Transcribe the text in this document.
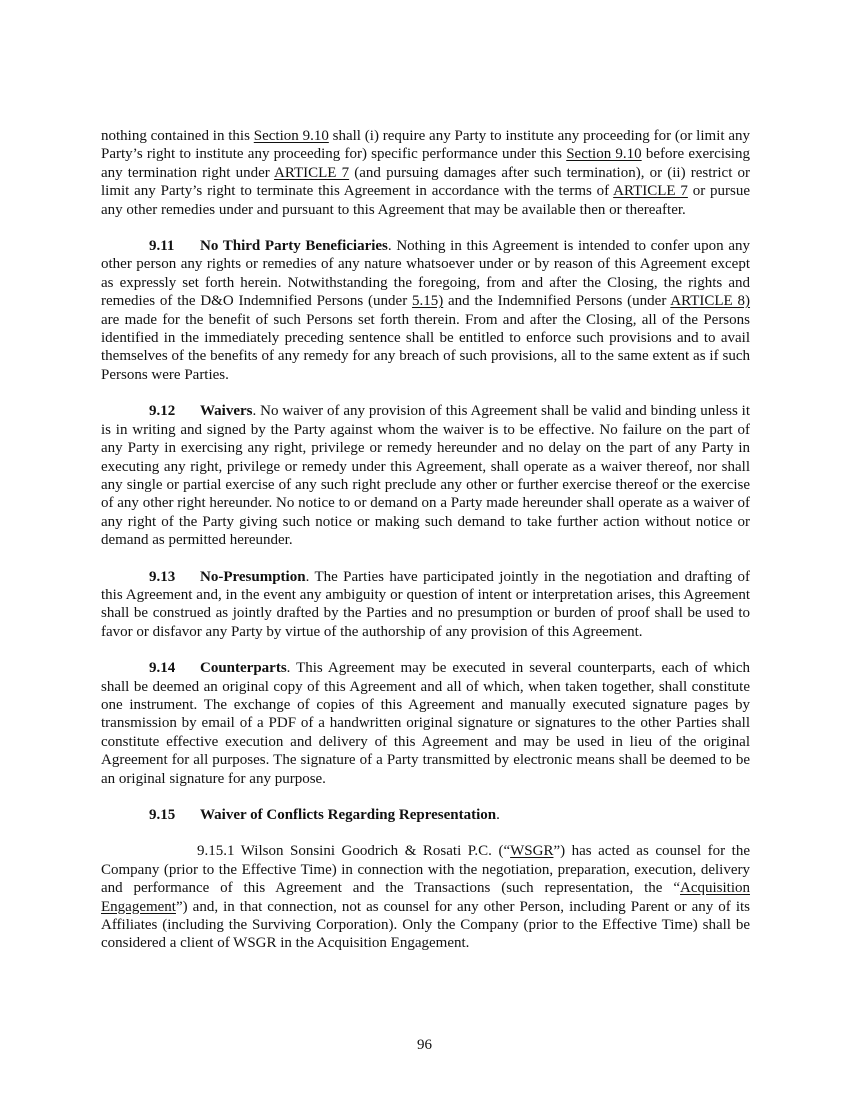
nothing contained in this Section 9.10 shall (i) require any Party to institute any proceeding for (or limit any Party’s right to institute any proceeding for) specific performance under this Section 9.10 before exercising any termination right under ARTICLE 7 (and pursuing damages after such termination), or (ii) restrict or limit any Party’s right to terminate this Agreement in accordance with the terms of ARTICLE 7 or pursue any other remedies under and pursuant to this Agreement that may be available then or thereafter.

9.11 No Third Party Beneficiaries. Nothing in this Agreement is intended to confer upon any other person any rights or remedies of any nature whatsoever under or by reason of this Agreement except as expressly set forth herein. Notwithstanding the foregoing, from and after the Closing, the rights and remedies of the D&O Indemnified Persons (under 5.15) and the Indemnified Persons (under ARTICLE 8) are made for the benefit of such Persons set forth therein. From and after the Closing, all of the Persons identified in the immediately preceding sentence shall be entitled to enforce such provisions and to avail themselves of the benefits of any remedy for any breach of such provisions, all to the same extent as if such Persons were Parties.

9.12 Waivers. No waiver of any provision of this Agreement shall be valid and binding unless it is in writing and signed by the Party against whom the waiver is to be effective. No failure on the part of any Party in exercising any right, privilege or remedy hereunder and no delay on the part of any Party in executing any right, privilege or remedy under this Agreement, shall operate as a waiver thereof, nor shall any single or partial exercise of any such right preclude any other or further exercise thereof or the exercise of any other right hereunder. No notice to or demand on a Party made hereunder shall operate as a waiver of any right of the Party giving such notice or making such demand to take further action without notice or demand as permitted hereunder.

9.13 No-Presumption. The Parties have participated jointly in the negotiation and drafting of this Agreement and, in the event any ambiguity or question of intent or interpretation arises, this Agreement shall be construed as jointly drafted by the Parties and no presumption or burden of proof shall be used to favor or disfavor any Party by virtue of the authorship of any provision of this Agreement.

9.14 Counterparts. This Agreement may be executed in several counterparts, each of which shall be deemed an original copy of this Agreement and all of which, when taken together, shall constitute one instrument. The exchange of copies of this Agreement and manually executed signature pages by transmission by email of a PDF of a handwritten original signature or signatures to the other Parties shall constitute effective execution and delivery of this Agreement and may be used in lieu of the original Agreement for all purposes. The signature of a Party transmitted by electronic means shall be deemed to be an original signature for any purpose.

9.15 Waiver of Conflicts Regarding Representation.

9.15.1 Wilson Sonsini Goodrich & Rosati P.C. (“WSGR”) has acted as counsel for the Company (prior to the Effective Time) in connection with the negotiation, preparation, execution, delivery and performance of this Agreement and the Transactions (such representation, the “Acquisition Engagement”) and, in that connection, not as counsel for any other Person, including Parent or any of its Affiliates (including the Surviving Corporation). Only the Company (prior to the Effective Time) shall be considered a client of WSGR in the Acquisition Engagement.

96
